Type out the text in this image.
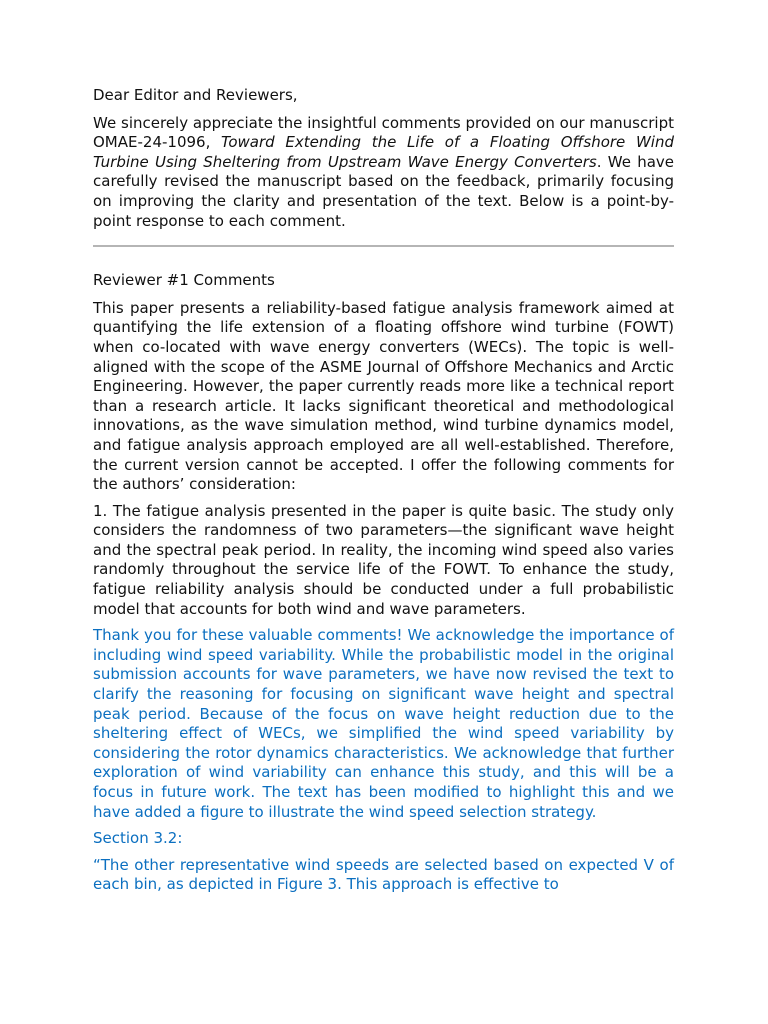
Dear Editor and Reviewers,

We sincerely appreciate the insightful comments provided on our manuscript OMAE-24-1096, Toward Extending the Life of a Floating Offshore Wind Turbine Using Sheltering from Upstream Wave Energy Converters. We have carefully revised the manuscript based on the feedback, primarily focusing on improving the clarity and presentation of the text. Below is a point-by-point response to each comment.

Reviewer #1 Comments

This paper presents a reliability-based fatigue analysis framework aimed at quantifying the life extension of a floating offshore wind turbine (FOWT) when co-located with wave energy converters (WECs). The topic is well-aligned with the scope of the ASME Journal of Offshore Mechanics and Arctic Engineering. However, the paper currently reads more like a technical report than a research article. It lacks significant theoretical and methodological innovations, as the wave simulation method, wind turbine dynamics model, and fatigue analysis approach employed are all well-established. Therefore, the current version cannot be accepted. I offer the following comments for the authors’ consideration:

1. The fatigue analysis presented in the paper is quite basic. The study only considers the randomness of two parameters—the significant wave height and the spectral peak period. In reality, the incoming wind speed also varies randomly throughout the service life of the FOWT. To enhance the study, fatigue reliability analysis should be conducted under a full probabilistic model that accounts for both wind and wave parameters.

Thank you for these valuable comments! We acknowledge the importance of including wind speed variability. While the probabilistic model in the original submission accounts for wave parameters, we have now revised the text to clarify the reasoning for focusing on significant wave height and spectral peak period. Because of the focus on wave height reduction due to the sheltering effect of WECs, we simplified the wind speed variability by considering the rotor dynamics characteristics. We acknowledge that further exploration of wind variability can enhance this study, and this will be a focus in future work. The text has been modified to highlight this and we have added a figure to illustrate the wind speed selection strategy.

Section 3.2:

“The other representative wind speeds are selected based on expected V of each bin, as depicted in Figure 3. This approach is effective to
